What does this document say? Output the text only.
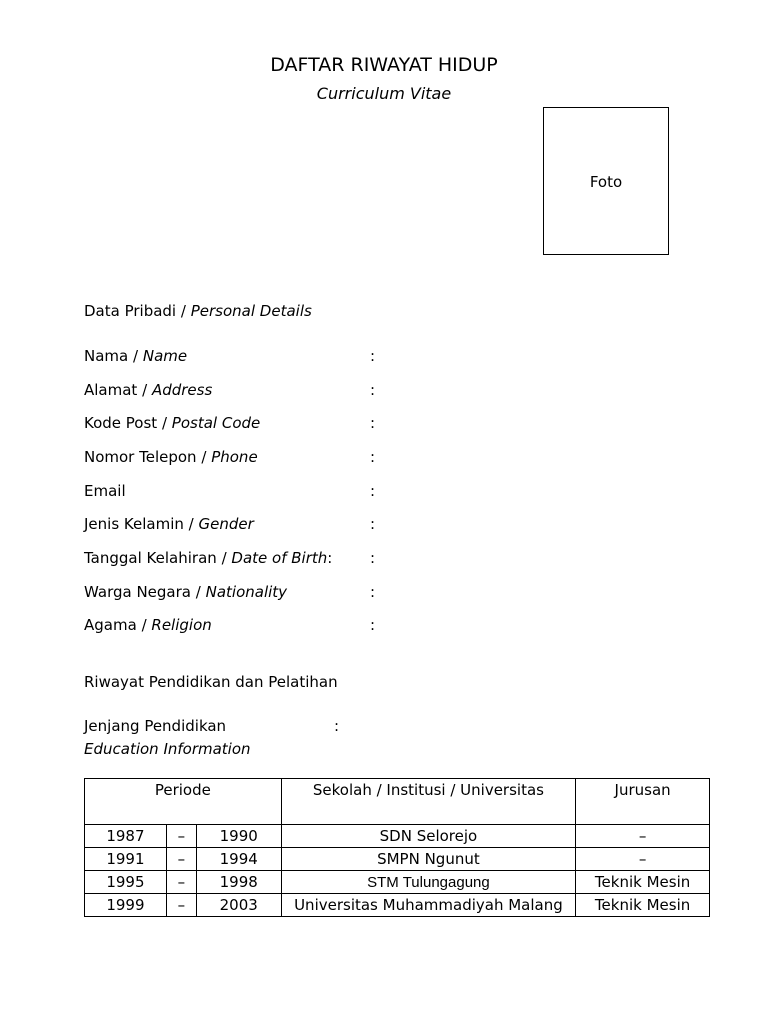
DAFTAR RIWAYAT HIDUP
Curriculum Vitae
Foto
Data Pribadi / Personal Details
Nama / Name	:
Alamat / Address	:
Kode Post / Postal Code	:
Nomor Telepon / Phone	:
Email	:
Jenis Kelamin / Gender	:
Tanggal Kelahiran / Date of Birth:	:
Warga Negara / Nationality	:
Agama / Religion	:
Riwayat Pendidikan dan Pelatihan
Jenjang Pendidikan	:
Education Information
Periode			Sekolah / Institusi / Universitas	Jurusan
1987	–	1990	SDN Selorejo	–
1991	–	1994	SMPN Ngunut	–
1995	–	1998	STM Tulungagung	Teknik Mesin
1999	–	2003	Universitas Muhammadiyah Malang	Teknik Mesin
